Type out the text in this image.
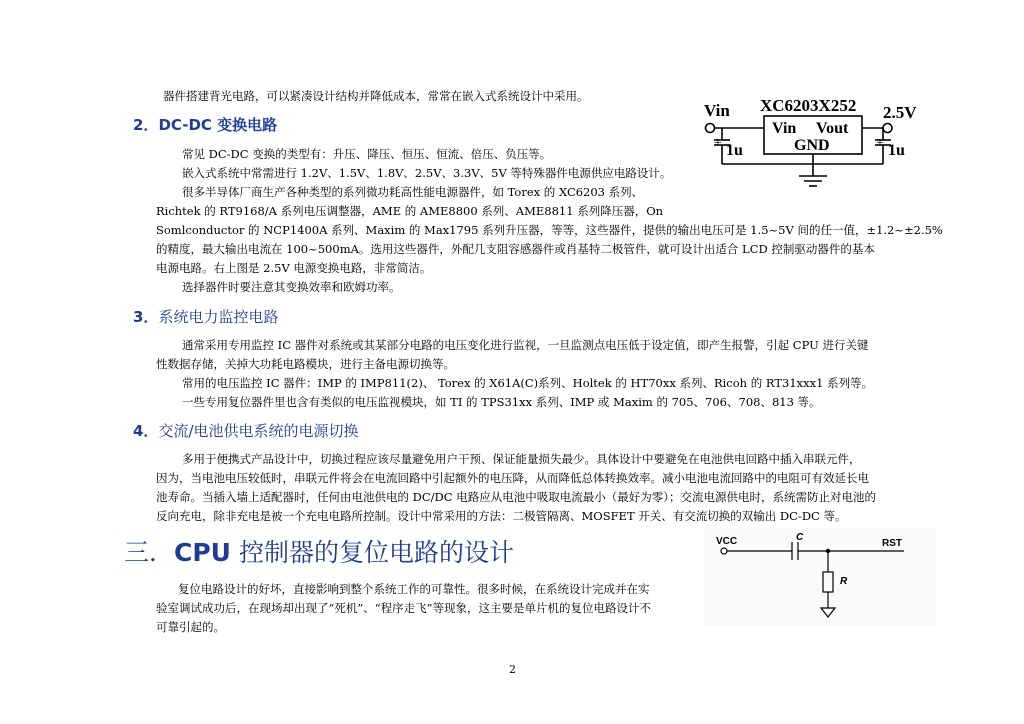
器件搭建背光电路，可以紧凑设计结构并降低成本，常常在嵌入式系统设计中采用。
2．DC-DC 变换电路
常见 DC-DC 变换的类型有：升压、降压、恒压、恒流、倍压、负压等。
嵌入式系统中常需进行 1.2V、1.5V、1.8V、2.5V、3.3V、5V 等特殊器件电源供应电路设计。
很多半导体厂商生产各种类型的系列微功耗高性能电源器件，如 Torex 的 XC6203 系列、
Richtek 的 RT9168/A 系列电压调整器，AME 的 AME8800 系列、AME8811 系列降压器，On
Somlconductor 的 NCP1400A 系列、Maxim 的 Max1795 系列升压器，等等，这些器件，提供的输出电压可是 1.5~5V 间的任一值，±1.2~±2.5%
的精度，最大输出电流在 100~500mA。选用这些器件，外配几支阻容感器件或肖基特二极管件，就可设计出适合 LCD 控制驱动器件的基本
电源电路。右上图是 2.5V 电源变换电路，非常简洁。
选择器件时要注意其变换效率和欧姆功率。
Vin XC6203X252 2.5V
Vin Vout
GND
+ 1u	+ 1u
3．系统电力监控电路
通常采用专用监控 IC 器件对系统或其某部分电路的电压变化进行监视，一旦监测点电压低于设定值，即产生报警，引起 CPU 进行关键
性数据存储，关掉大功耗电路模块，进行主备电源切换等。
常用的电压监控 IC 器件：IMP 的 IMP811(2)、 Torex 的 X61A(C)系列、Holtek 的 HT70xx 系列、Ricoh 的 RT31xxx1 系列等。
一些专用复位器件里也含有类似的电压监视模块，如 TI 的 TPS31xx 系列、IMP 或 Maxim 的 705、706、708、813 等。
4．交流/电池供电系统的电源切换
多用于便携式产品设计中，切换过程应该尽量避免用户干预、保证能量损失最少。具体设计中要避免在电池供电回路中插入串联元件，
因为，当电池电压较低时，串联元件将会在电流回路中引起额外的电压降，从而降低总体转换效率。减小电池电流回路中的电阻可有效延长电
池寿命。当插入墙上适配器时，任何由电池供电的 DC/DC 电路应从电池中吸取电流最小（最好为零）；交流电源供电时，系统需防止对电池的
反向充电，除非充电是被一个充电电路所控制。设计中常采用的方法：二极管隔离、MOSFET 开关、有交流切换的双输出 DC-DC 等。
三．CPU 控制器的复位电路的设计	VCC	C
RST
R
复位电路设计的好坏，直接影响到整个系统工作的可靠性。很多时候，在系统设计完成并在实
验室调试成功后，在现场却出现了“死机”、“程序走飞”等现象，这主要是单片机的复位电路设计不
可靠引起的。
2
